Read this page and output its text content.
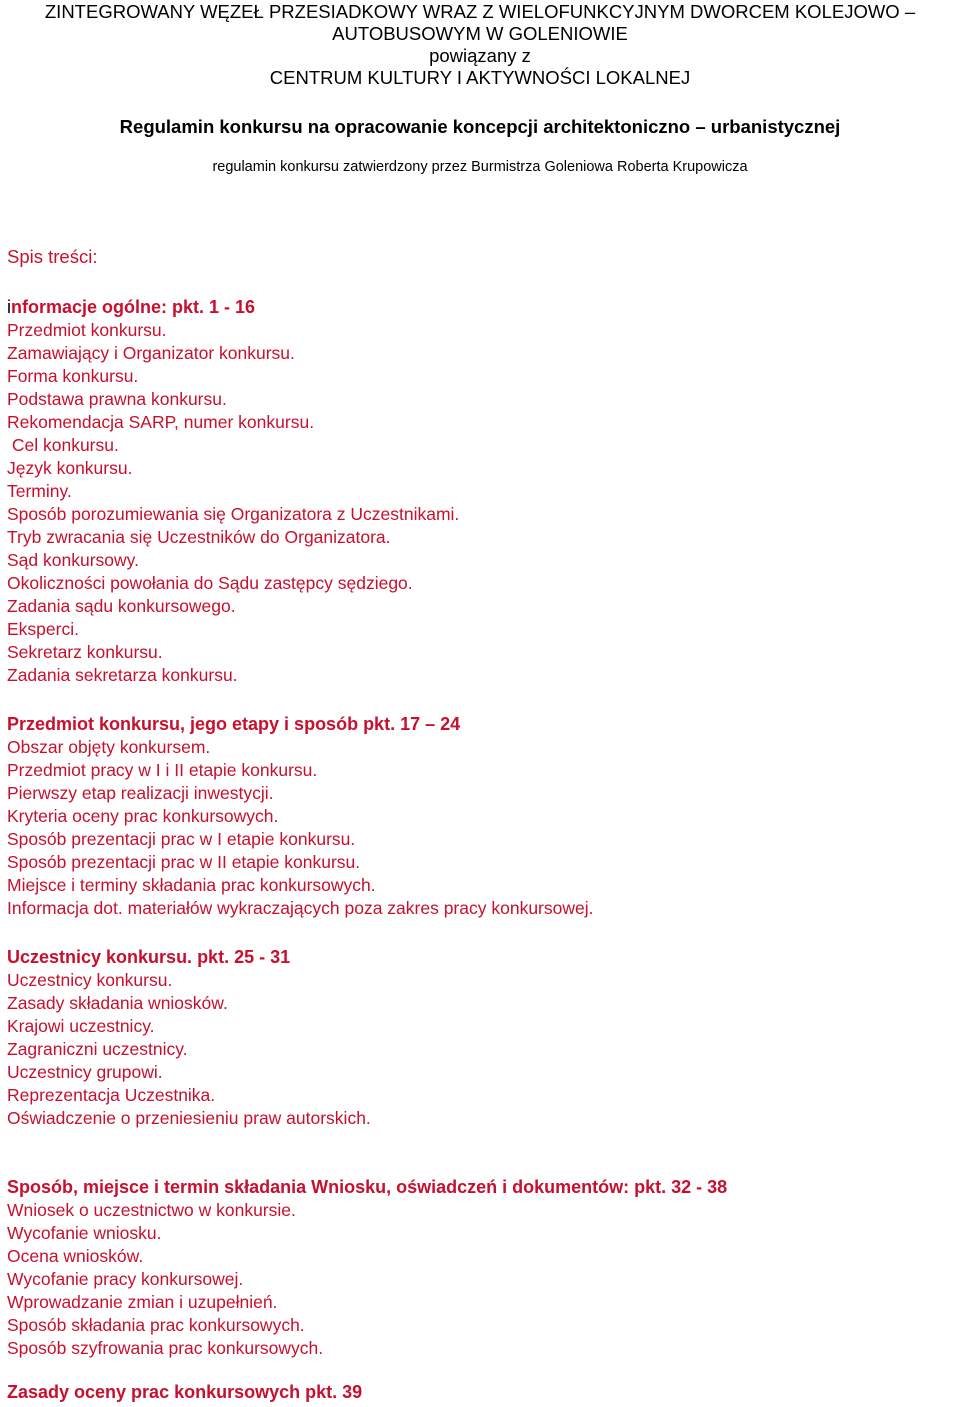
ZINTEGROWANY WĘZEŁ PRZESIADKOWY WRAZ Z WIELOFUNKCYJNYM DWORCEM KOLEJOWO –
AUTOBUSOWYM W GOLENIOWIE
powiązany z
CENTRUM KULTURY I AKTYWNOŚCI LOKALNEJ
Regulamin konkursu na opracowanie koncepcji architektoniczno – urbanistycznej
regulamin konkursu zatwierdzony przez Burmistrza Goleniowa Roberta Krupowicza
Spis treści:
informacje ogólne: pkt. 1 - 16
Przedmiot konkursu.
Zamawiający i Organizator konkursu.
Forma konkursu.
Podstawa prawna konkursu.
Rekomendacja SARP, numer konkursu.
Cel konkursu.
Język konkursu.
Terminy.
Sposób porozumiewania się Organizatora z Uczestnikami.
Tryb zwracania się Uczestników do Organizatora.
Sąd konkursowy.
Okoliczności powołania do Sądu zastępcy sędziego.
Zadania sądu konkursowego.
Eksperci.
Sekretarz konkursu.
Zadania sekretarza konkursu.
Przedmiot konkursu, jego etapy i sposób pkt. 17 – 24
Obszar objęty konkursem.
Przedmiot pracy w I i II etapie konkursu.
Pierwszy etap realizacji inwestycji.
Kryteria oceny prac konkursowych.
Sposób prezentacji prac w I etapie konkursu.
Sposób prezentacji prac w II etapie konkursu.
Miejsce i terminy składania prac konkursowych.
Informacja dot. materiałów wykraczających poza zakres pracy konkursowej.
Uczestnicy konkursu. pkt. 25 - 31
Uczestnicy konkursu.
Zasady składania wniosków.
Krajowi uczestnicy.
Zagraniczni uczestnicy.
Uczestnicy grupowi.
Reprezentacja Uczestnika.
Oświadczenie o przeniesieniu praw autorskich.
Sposób, miejsce i termin składania Wniosku, oświadczeń i dokumentów: pkt. 32 - 38
Wniosek o uczestnictwo w konkursie.
Wycofanie wniosku.
Ocena wniosków.
Wycofanie pracy konkursowej.
Wprowadzanie zmian i uzupełnień.
Sposób składania prac konkursowych.
Sposób szyfrowania prac konkursowych.
Zasady oceny prac konkursowych pkt. 39
